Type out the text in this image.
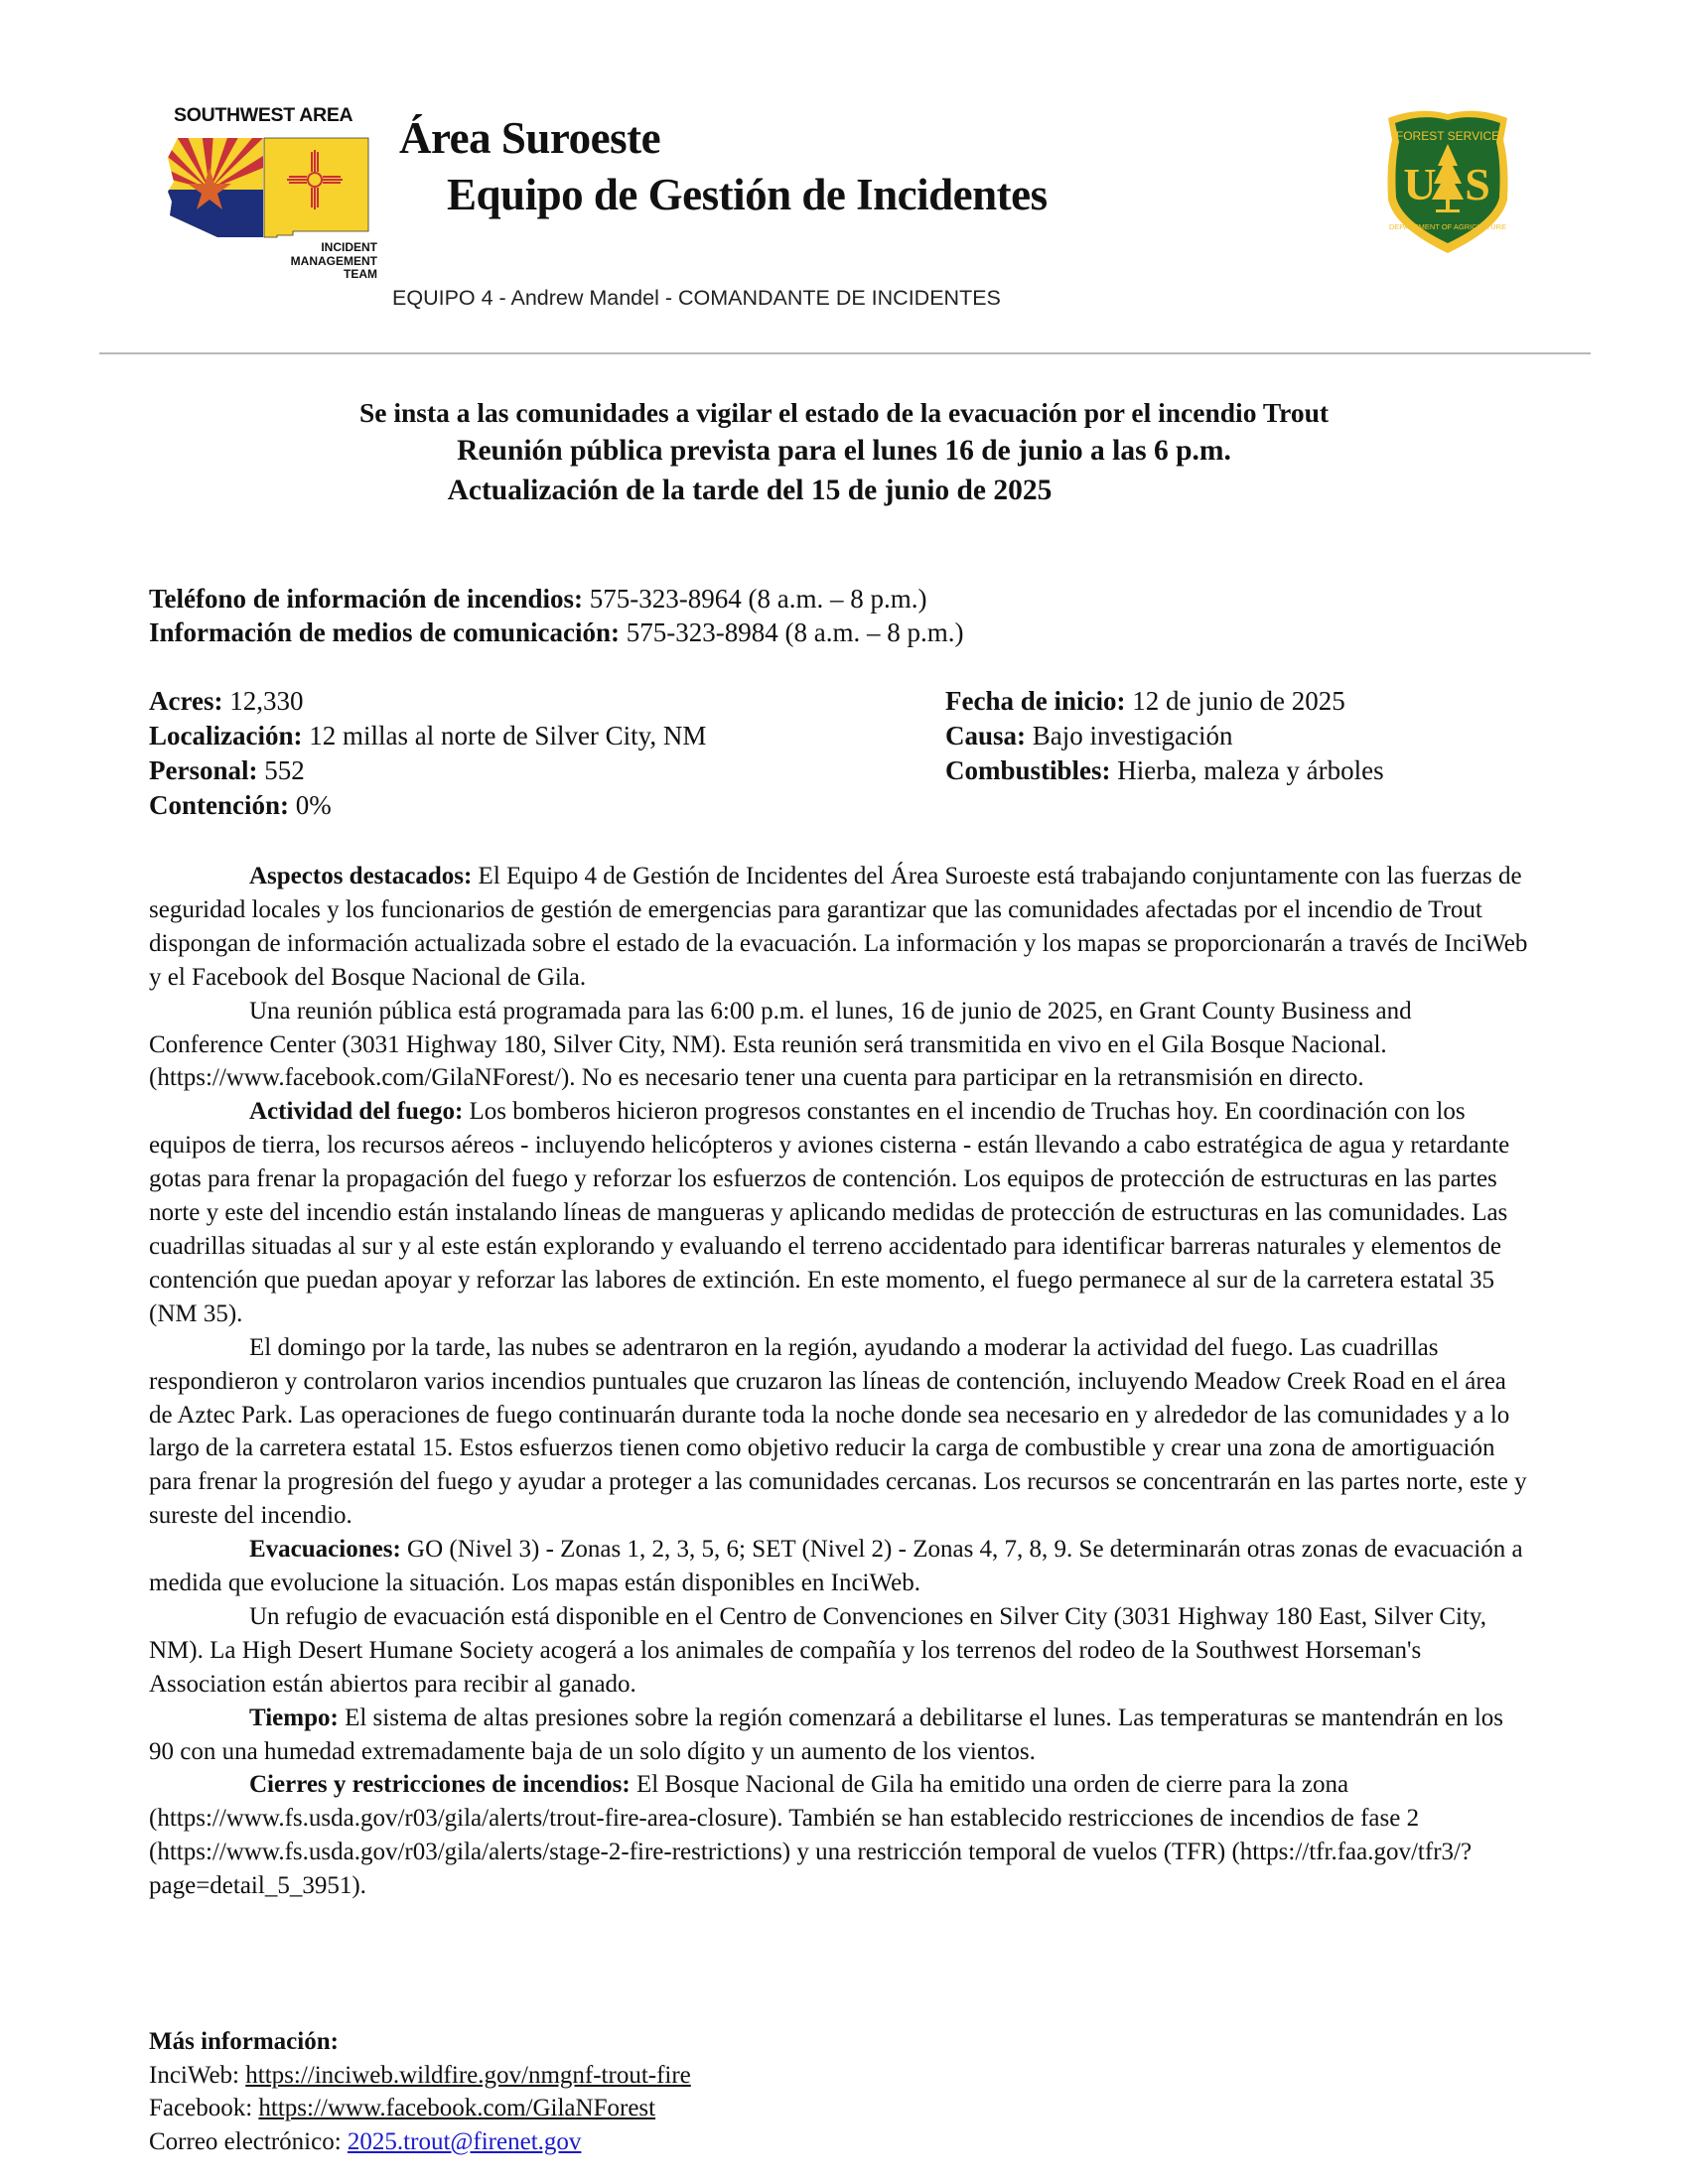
SOUTHWEST AREA
INCIDENT
MANAGEMENT
TEAM
Área Suroeste
Equipo de Gestión de Incidentes
EQUIPO 4 - Andrew Mandel - COMANDANTE DE INCIDENTES
FOREST SERVICE
U S
DEPARTMENT OF AGRICULTURE
Se insta a las comunidades a vigilar el estado de la evacuación por el incendio Trout
Reunión pública prevista para el lunes 16 de junio a las 6 p.m.
Actualización de la tarde del 15 de junio de 2025
Teléfono de información de incendios: 575-323-8964 (8 a.m. – 8 p.m.)
Información de medios de comunicación: 575-323-8984 (8 a.m. – 8 p.m.)
Acres: 12,330
Localización: 12 millas al norte de Silver City, NM
Personal: 552
Contención: 0%
Fecha de inicio: 12 de junio de 2025
Causa: Bajo investigación
Combustibles: Hierba, maleza y árboles

Aspectos destacados: El Equipo 4 de Gestión de Incidentes del Área Suroeste está trabajando conjuntamente con las fuerzas de seguridad locales y los funcionarios de gestión de emergencias para garantizar que las comunidades afectadas por el incendio de Trout dispongan de información actualizada sobre el estado de la evacuación. La información y los mapas se proporcionarán a través de InciWeb y el Facebook del Bosque Nacional de Gila.

Una reunión pública está programada para las 6:00 p.m. el lunes, 16 de junio de 2025, en Grant County Business and Conference Center (3031 Highway 180, Silver City, NM). Esta reunión será transmitida en vivo en el Gila Bosque Nacional. (https://www.facebook.com/GilaNForest/). No es necesario tener una cuenta para participar en la retransmisión en directo.

Actividad del fuego: Los bomberos hicieron progresos constantes en el incendio de Truchas hoy. En coordinación con los equipos de tierra, los recursos aéreos - incluyendo helicópteros y aviones cisterna - están llevando a cabo estratégica de agua y retardante gotas para frenar la propagación del fuego y reforzar los esfuerzos de contención. Los equipos de protección de estructuras en las partes norte y este del incendio están instalando líneas de mangueras y aplicando medidas de protección de estructuras en las comunidades. Las cuadrillas situadas al sur y al este están explorando y evaluando el terreno accidentado para identificar barreras naturales y elementos de contención que puedan apoyar y reforzar las labores de extinción. En este momento, el fuego permanece al sur de la carretera estatal 35 (NM 35).

El domingo por la tarde, las nubes se adentraron en la región, ayudando a moderar la actividad del fuego. Las cuadrillas respondieron y controlaron varios incendios puntuales que cruzaron las líneas de contención, incluyendo Meadow Creek Road en el área de Aztec Park. Las operaciones de fuego continuarán durante toda la noche donde sea necesario en y alrededor de las comunidades y a lo largo de la carretera estatal 15. Estos esfuerzos tienen como objetivo reducir la carga de combustible y crear una zona de amortiguación para frenar la progresión del fuego y ayudar a proteger a las comunidades cercanas. Los recursos se concentrarán en las partes norte, este y sureste del incendio.

Evacuaciones: GO (Nivel 3) - Zonas 1, 2, 3, 5, 6; SET (Nivel 2) - Zonas 4, 7, 8, 9. Se determinarán otras zonas de evacuación a medida que evolucione la situación. Los mapas están disponibles en InciWeb.

Un refugio de evacuación está disponible en el Centro de Convenciones en Silver City (3031 Highway 180 East, Silver City, NM). La High Desert Humane Society acogerá a los animales de compañía y los terrenos del rodeo de la Southwest Horseman's Association están abiertos para recibir al ganado.

Tiempo: El sistema de altas presiones sobre la región comenzará a debilitarse el lunes. Las temperaturas se mantendrán en los 90 con una humedad extremadamente baja de un solo dígito y un aumento de los vientos.

Cierres y restricciones de incendios: El Bosque Nacional de Gila ha emitido una orden de cierre para la zona (https://www.fs.usda.gov/r03/gila/alerts/trout-fire-area-closure). También se han establecido restricciones de incendios de fase 2 (https://www.fs.usda.gov/r03/gila/alerts/stage-2-fire-restrictions) y una restricción temporal de vuelos (TFR) (https://tfr.faa.gov/tfr3/?page=detail_5_3951).

Más información:
InciWeb: https://inciweb.wildfire.gov/nmgnf-trout-fire
Facebook: https://www.facebook.com/GilaNForest
Correo electrónico: 2025.trout@firenet.gov
